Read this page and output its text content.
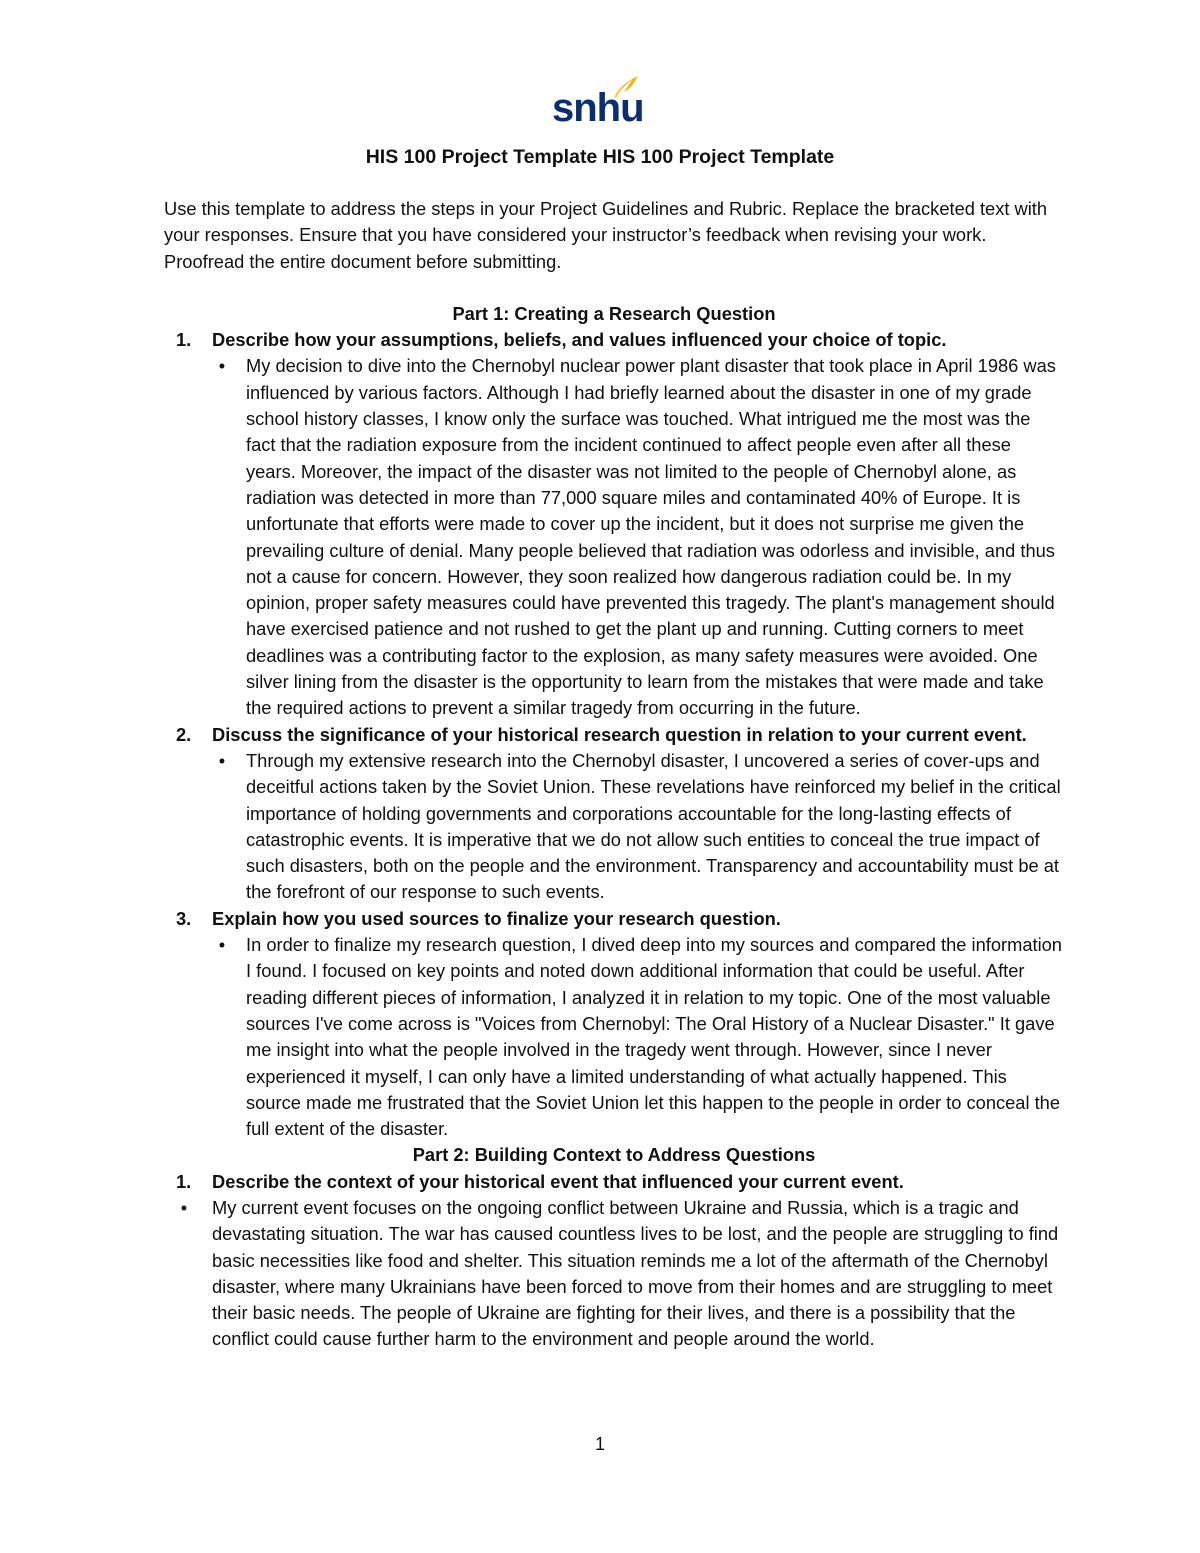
snhu
HIS 100 Project Template HIS 100 Project Template

Use this template to address the steps in your Project Guidelines and Rubric. Replace the bracketed text with your responses. Ensure that you have considered your instructor’s feedback when revising your work. Proofread the entire document before submitting.

Part 1: Creating a Research Question

1. Describe how your assumptions, beliefs, and values influenced your choice of topic.
•	My decision to dive into the Chernobyl nuclear power plant disaster that took place in April 1986 was influenced by various factors. Although I had briefly learned about the disaster in one of my grade school history classes, I know only the surface was touched. What intrigued me the most was the fact that the radiation exposure from the incident continued to affect people even after all these years. Moreover, the impact of the disaster was not limited to the people of Chernobyl alone, as radiation was detected in more than 77,000 square miles and contaminated 40% of Europe. It is unfortunate that efforts were made to cover up the incident, but it does not surprise me given the prevailing culture of denial. Many people believed that radiation was odorless and invisible, and thus not a cause for concern. However, they soon realized how dangerous radiation could be. In my opinion, proper safety measures could have prevented this tragedy. The plant's management should have exercised patience and not rushed to get the plant up and running. Cutting corners to meet deadlines was a contributing factor to the explosion, as many safety measures were avoided. One silver lining from the disaster is the opportunity to learn from the mistakes that were made and take the required actions to prevent a similar tragedy from occurring in the future.
2. Discuss the significance of your historical research question in relation to your current event.
•	Through my extensive research into the Chernobyl disaster, I uncovered a series of cover-ups and deceitful actions taken by the Soviet Union. These revelations have reinforced my belief in the critical importance of holding governments and corporations accountable for the long-lasting effects of catastrophic events. It is imperative that we do not allow such entities to conceal the true impact of such disasters, both on the people and the environment. Transparency and accountability must be at the forefront of our response to such events.
3. Explain how you used sources to finalize your research question.
•	In order to finalize my research question, I dived deep into my sources and compared the information I found. I focused on key points and noted down additional information that could be useful. After reading different pieces of information, I analyzed it in relation to my topic. One of the most valuable sources I've come across is "Voices from Chernobyl: The Oral History of a Nuclear Disaster." It gave me insight into what the people involved in the tragedy went through. However, since I never experienced it myself, I can only have a limited understanding of what actually happened. This source made me frustrated that the Soviet Union let this happen to the people in order to conceal the full extent of the disaster.

Part 2: Building Context to Address Questions

1. Describe the context of your historical event that influenced your current event.
•	My current event focuses on the ongoing conflict between Ukraine and Russia, which is a tragic and devastating situation. The war has caused countless lives to be lost, and the people are struggling to find basic necessities like food and shelter. This situation reminds me a lot of the aftermath of the Chernobyl disaster, where many Ukrainians have been forced to move from their homes and are struggling to meet their basic needs. The people of Ukraine are fighting for their lives, and there is a possibility that the conflict could cause further harm to the environment and people around the world.
1
